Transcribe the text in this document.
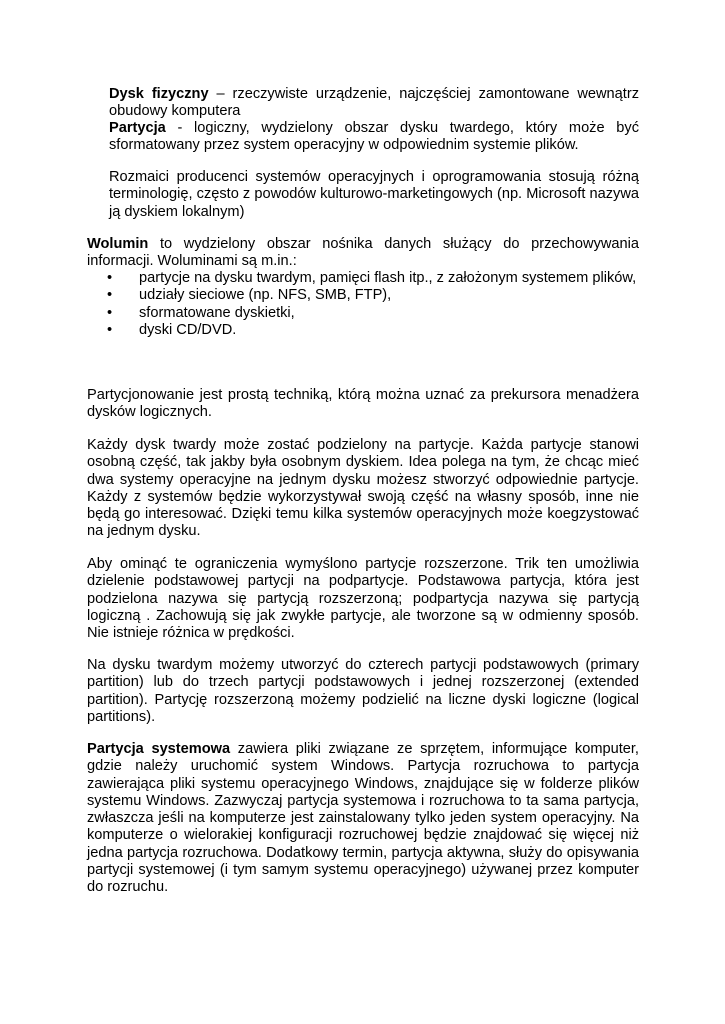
Dysk fizyczny – rzeczywiste urządzenie, najczęściej zamontowane wewnątrz obudowy komputera

Partycja - logiczny, wydzielony obszar dysku twardego, który może być sformatowany przez system operacyjny w odpowiednim systemie plików.

Rozmaici producenci systemów operacyjnych i oprogramowania stosują różną terminologię, często z powodów kulturowo-marketingowych (np. Microsoft nazywa ją dyskiem lokalnym)

Wolumin to wydzielony obszar nośnika danych służący do przechowywania informacji. Woluminami są m.in.:

• partycje na dysku twardym, pamięci flash itp., z założonym systemem plików,
• udziały sieciowe (np. NFS, SMB, FTP),
• sformatowane dyskietki,
• dyski CD/DVD.

Partycjonowanie jest prostą techniką, którą można uznać za prekursora menadżera dysków logicznych.

Każdy dysk twardy może zostać podzielony na partycje. Każda partycje stanowi osobną część, tak jakby była osobnym dyskiem. Idea polega na tym, że chcąc mieć dwa systemy operacyjne na jednym dysku możesz stworzyć odpowiednie partycje. Każdy z systemów będzie wykorzystywał swoją część na własny sposób, inne nie będą go interesować. Dzięki temu kilka systemów operacyjnych może koegzystować na jednym dysku.

Aby ominąć te ograniczenia wymyślono partycje rozszerzone. Trik ten umożliwia dzielenie podstawowej partycji na podpartycje. Podstawowa partycja, która jest podzielona nazywa się partycją rozszerzoną; podpartycja nazywa się partycją logiczną . Zachowują się jak zwykłe partycje, ale tworzone są w odmienny sposób. Nie istnieje różnica w prędkości.

Na dysku twardym możemy utworzyć do czterech partycji podstawowych (primary partition) lub do trzech partycji podstawowych i jednej rozszerzonej (extended partition). Partycję rozszerzoną możemy podzielić na liczne dyski logiczne (logical partitions).

Partycja systemowa zawiera pliki związane ze sprzętem, informujące komputer, gdzie należy uruchomić system Windows. Partycja rozruchowa to partycja zawierająca pliki systemu operacyjnego Windows, znajdujące się w folderze plików systemu Windows. Zazwyczaj partycja systemowa i rozruchowa to ta sama partycja, zwłaszcza jeśli na komputerze jest zainstalowany tylko jeden system operacyjny. Na komputerze o wielorakiej konfiguracji rozruchowej będzie znajdować się więcej niż jedna partycja rozruchowa. Dodatkowy termin, partycja aktywna, służy do opisywania partycji systemowej (i tym samym systemu operacyjnego) używanej przez komputer do rozruchu.
